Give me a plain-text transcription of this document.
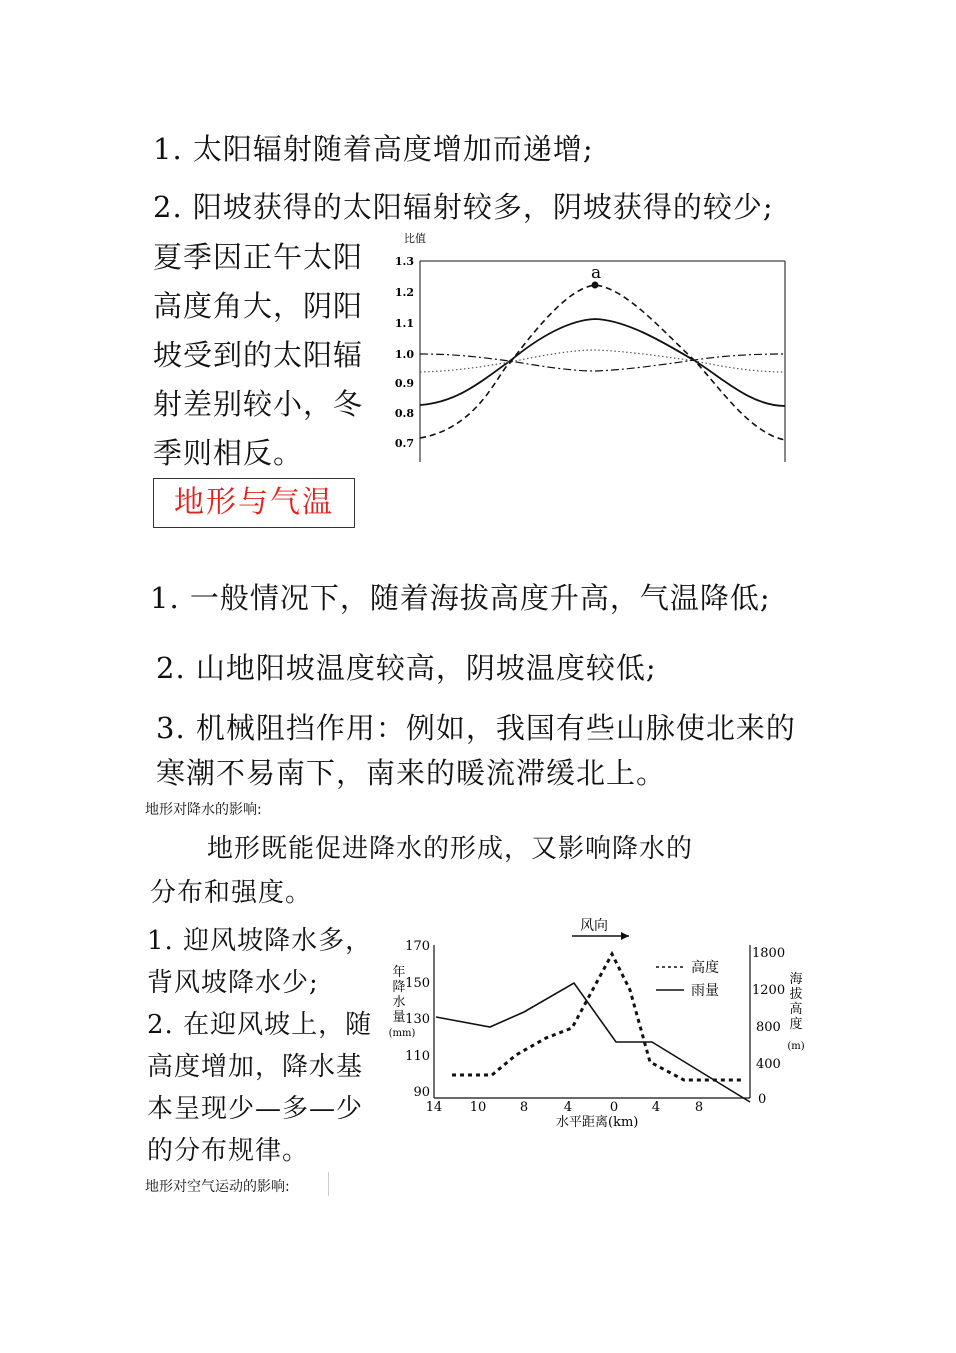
1. 太阳辐射随着高度增加而递增;
2. 阳坡获得的太阳辐射较多，阴坡获得的较少;
夏季因正午太阳
高度角大，阴阳
坡受到的太阳辐
射差别较小，冬
季则相反。
比值
1.3
1.2
1.1
1.0
0.9
0.8
0.7
a
地形与气温
1. 一般情况下，随着海拔高度升高，气温降低;
2. 山地阳坡温度较高，阴坡温度较低;
3. 机械阻挡作用：例如，我国有些山脉使北来的
寒潮不易南下，南来的暖流滞缓北上。
地形对降水的影响:
地形既能促进降水的形成，又影响降水的
分布和强度。
1. 迎风坡降水多，
背风坡降水少;
2. 在迎风坡上，随
高度增加，降水基
本呈现少—多—少
的分布规律。
风向
170
150
130
110
90
1800
1200
800
400
0
年
降
水
量
(mm)
海
拔
高
度
(m)
14 10	8	4	0	4	8
水平距离(km)
高度
雨量
地形对空气运动的影响:
